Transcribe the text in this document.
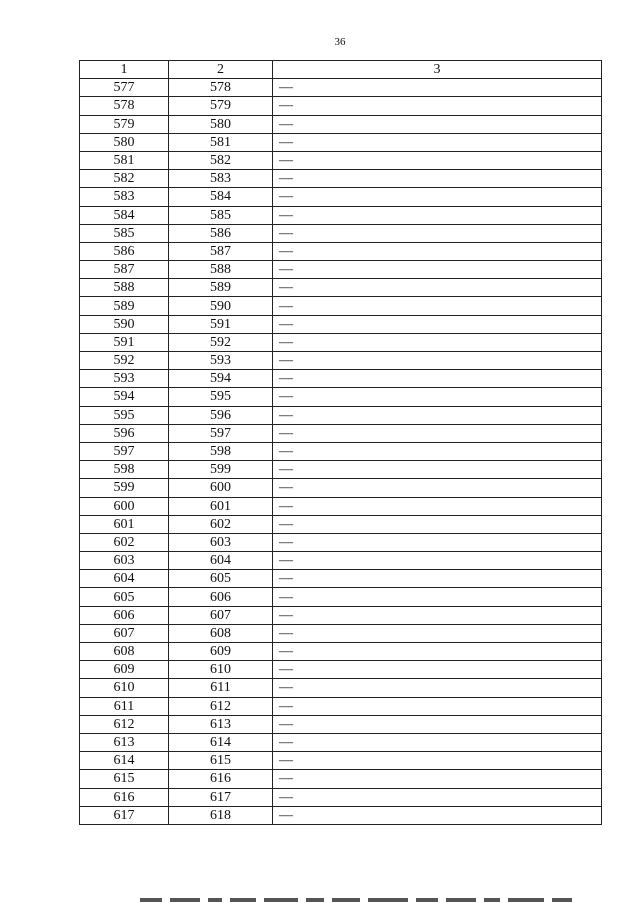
36
1	2	3
577	578	—
578	579	—
579	580	—
580	581	—
581	582	—
582	583	—
583	584	—
584	585	—
585	586	—
586	587	—
587	588	—
588	589	—
589	590	—
590	591	—
591	592	—
592	593	—
593	594	—
594	595	—
595	596	—
596	597	—
597	598	—
598	599	—
599	600	—
600	601	—
601	602	—
602	603	—
603	604	—
604	605	—
605	606	—
606	607	—
607	608	—
608	609	—
609	610	—
610	611	—
611	612	—
612	613	—
613	614	—
614	615	—
615	616	—
616	617	—
617	618	—
